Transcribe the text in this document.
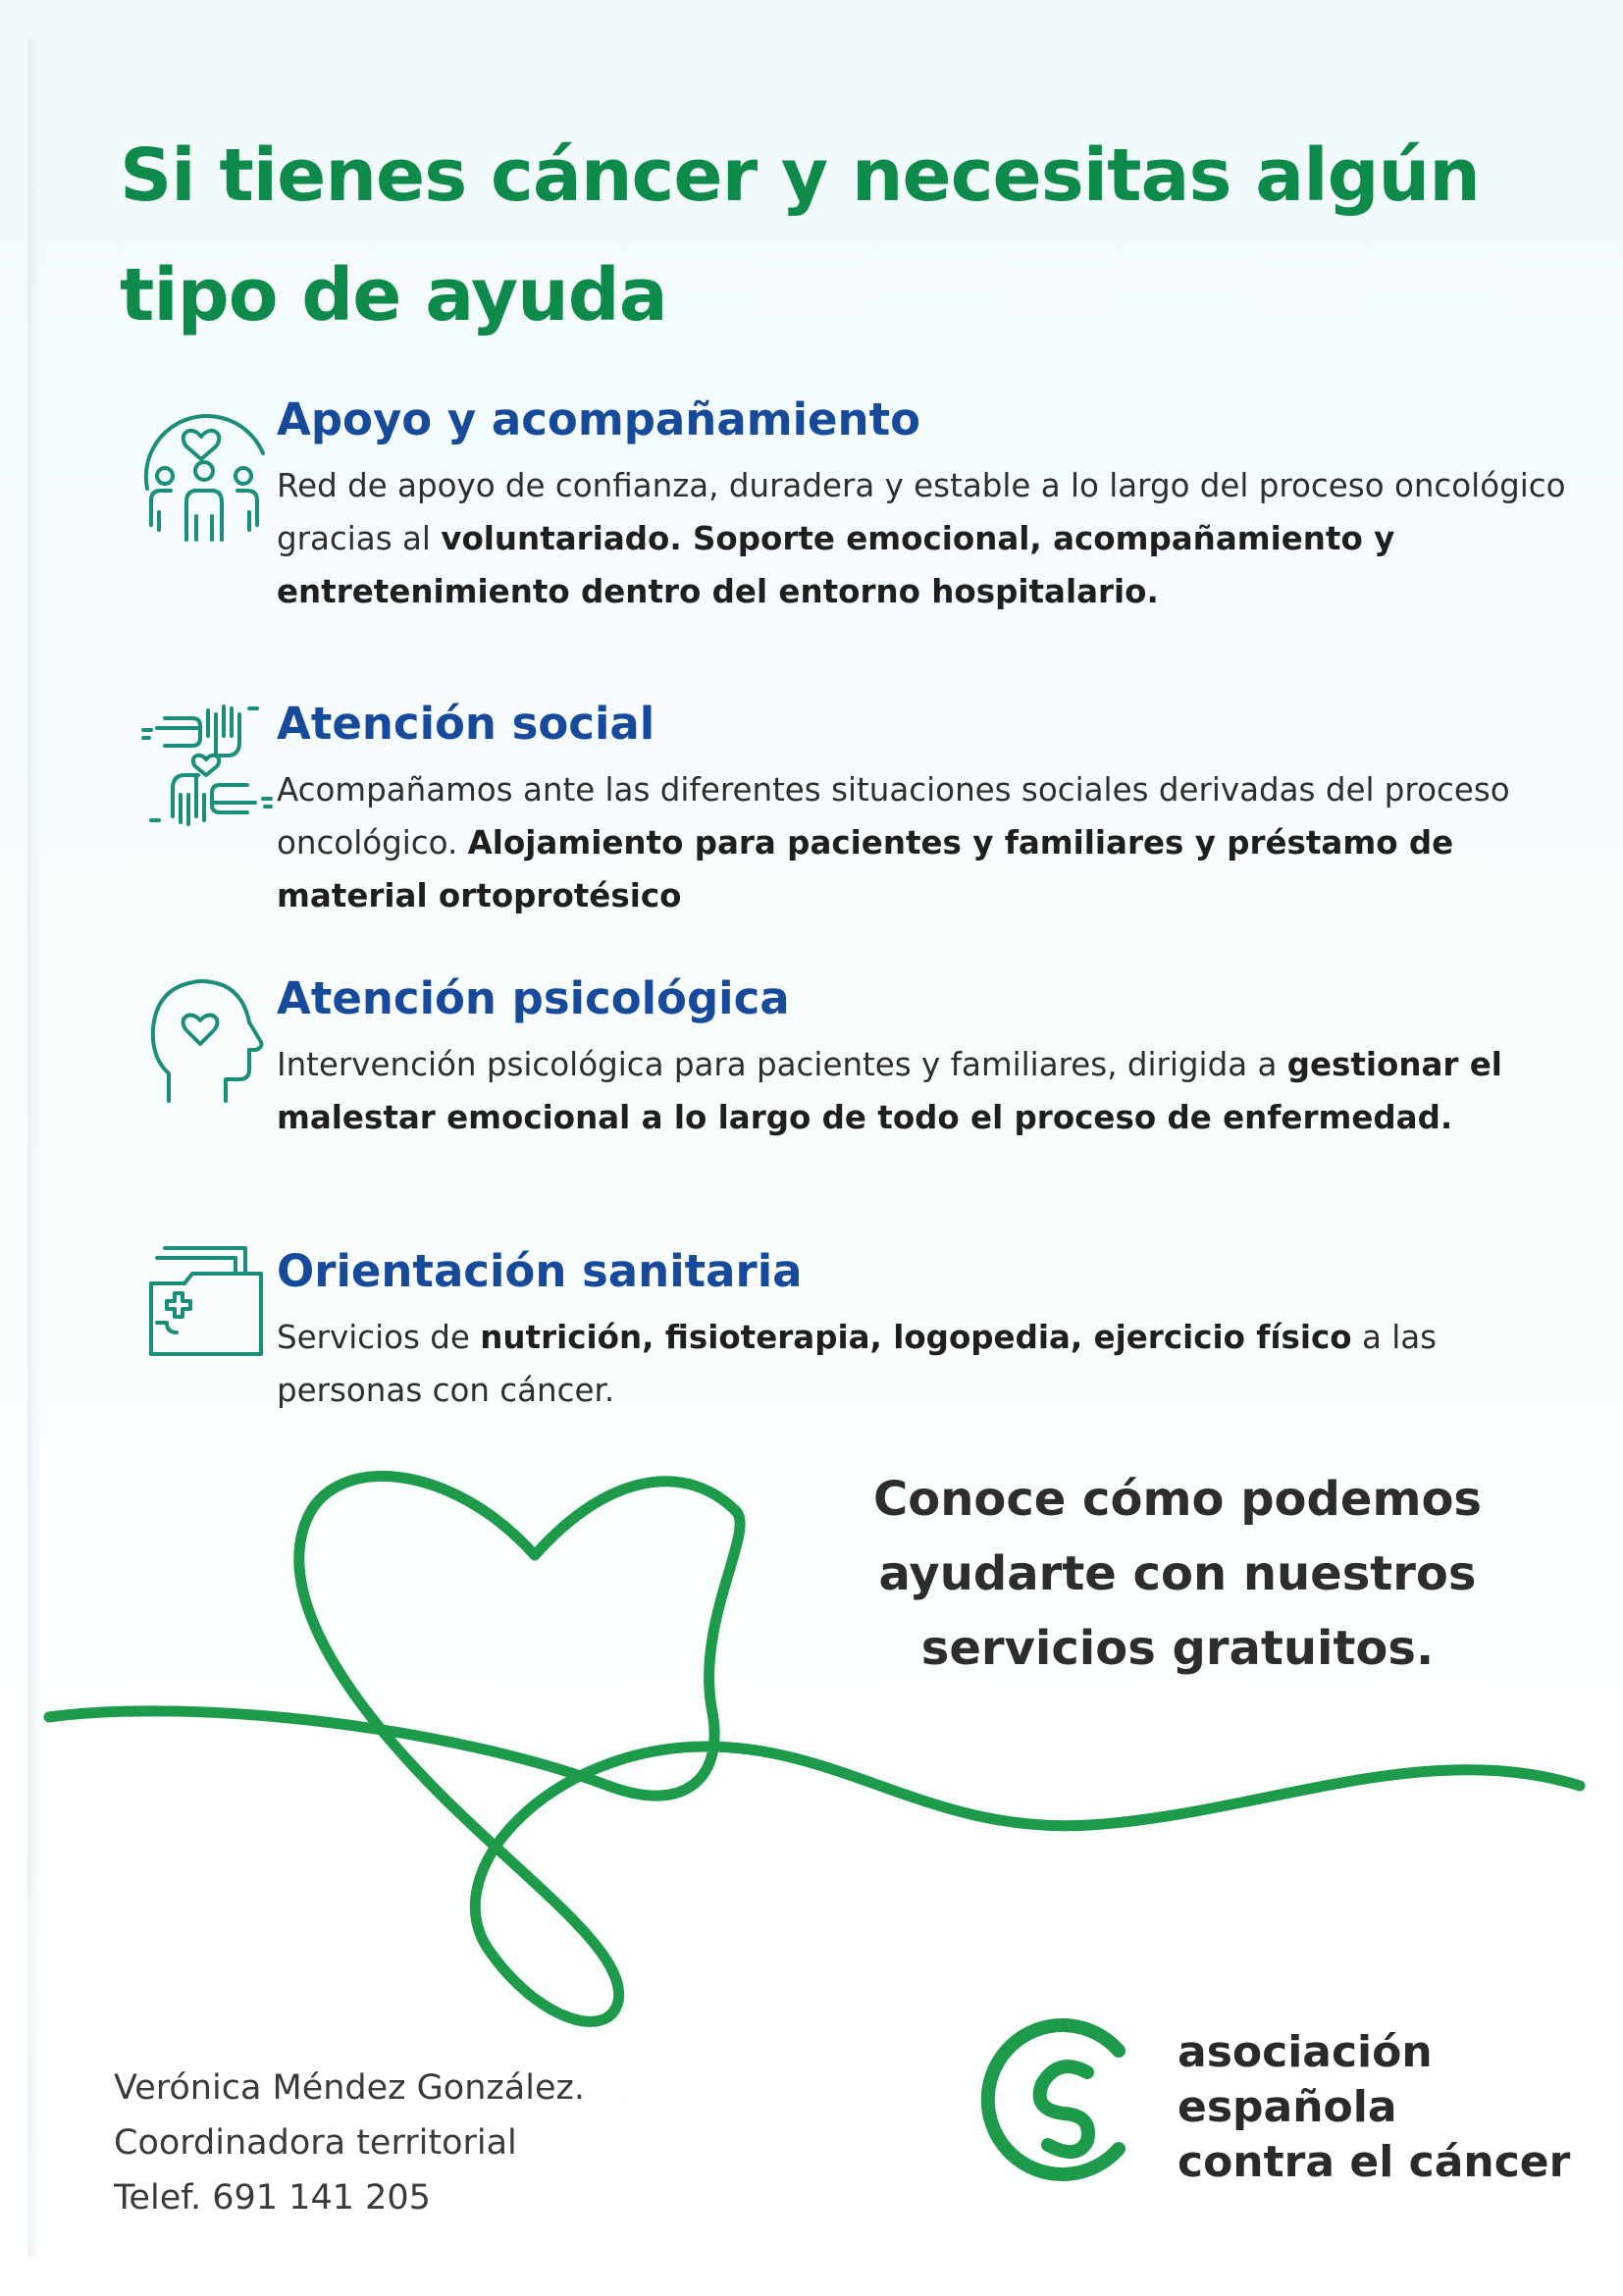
Si tienes cáncer y necesitas algún
tipo de ayuda
Apoyo y acompañamiento

Red de apoyo de confianza, duradera y estable a lo largo del proceso oncológico gracias al voluntariado. Soporte emocional, acompañamiento y entretenimiento dentro del entorno hospitalario.

Atención social

Acompañamos ante las diferentes situaciones sociales derivadas del proceso oncológico. Alojamiento para pacientes y familiares y préstamo de material ortoprotésico

Atención psicológica

Intervención psicológica para pacientes y familiares, dirigida a gestionar el malestar emocional a lo largo de todo el proceso de enfermedad.

Orientación sanitaria

Servicios de nutrición, fisioterapia, logopedia, ejercicio físico a las personas con cáncer.

Conoce cómo podemos
ayudarte con nuestros
servicios gratuitos.
Verónica Méndez González.
Coordinadora territorial
Telef. 691 141 205
asociación
española
contra el cáncer
